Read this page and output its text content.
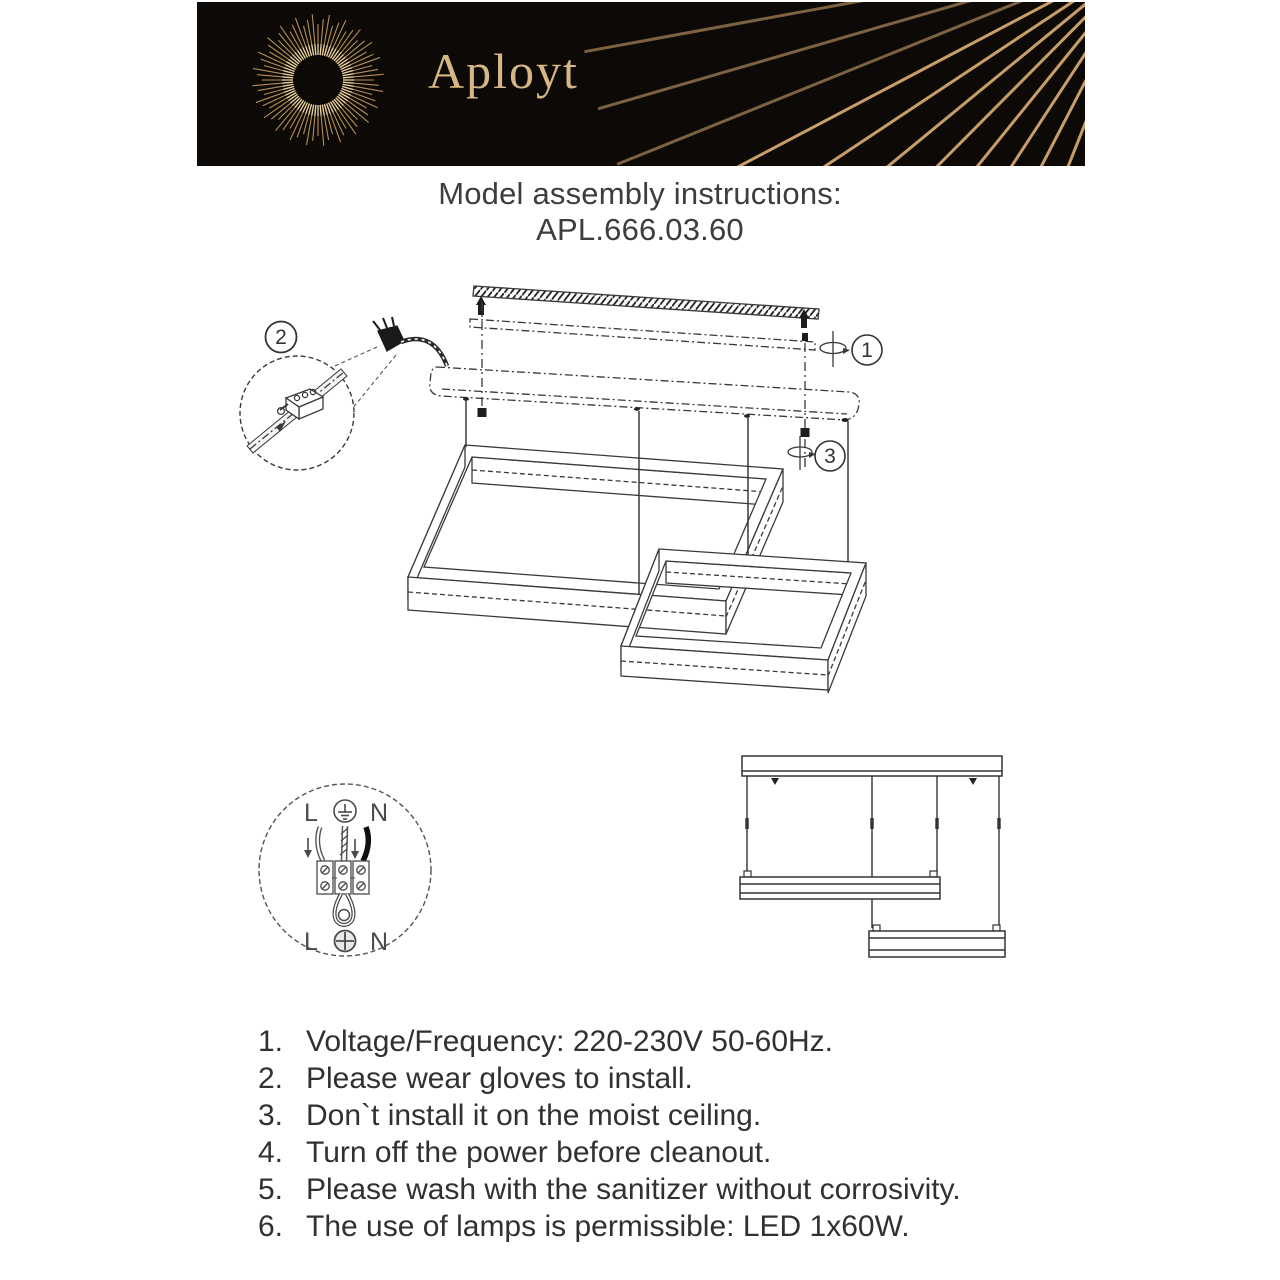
Aployt
Model assembly instructions:
APL.666.03.60
2
1
3
L N
L N
1. Voltage/Frequency: 220-230V 50-60Hz.
2. Please wear gloves to install.
3. Don`t install it on the moist ceiling.
4. Turn off the power before cleanout.
5. Please wash with the sanitizer without corrosivity.
6. The use of lamps is permissible: LED 1x60W.
